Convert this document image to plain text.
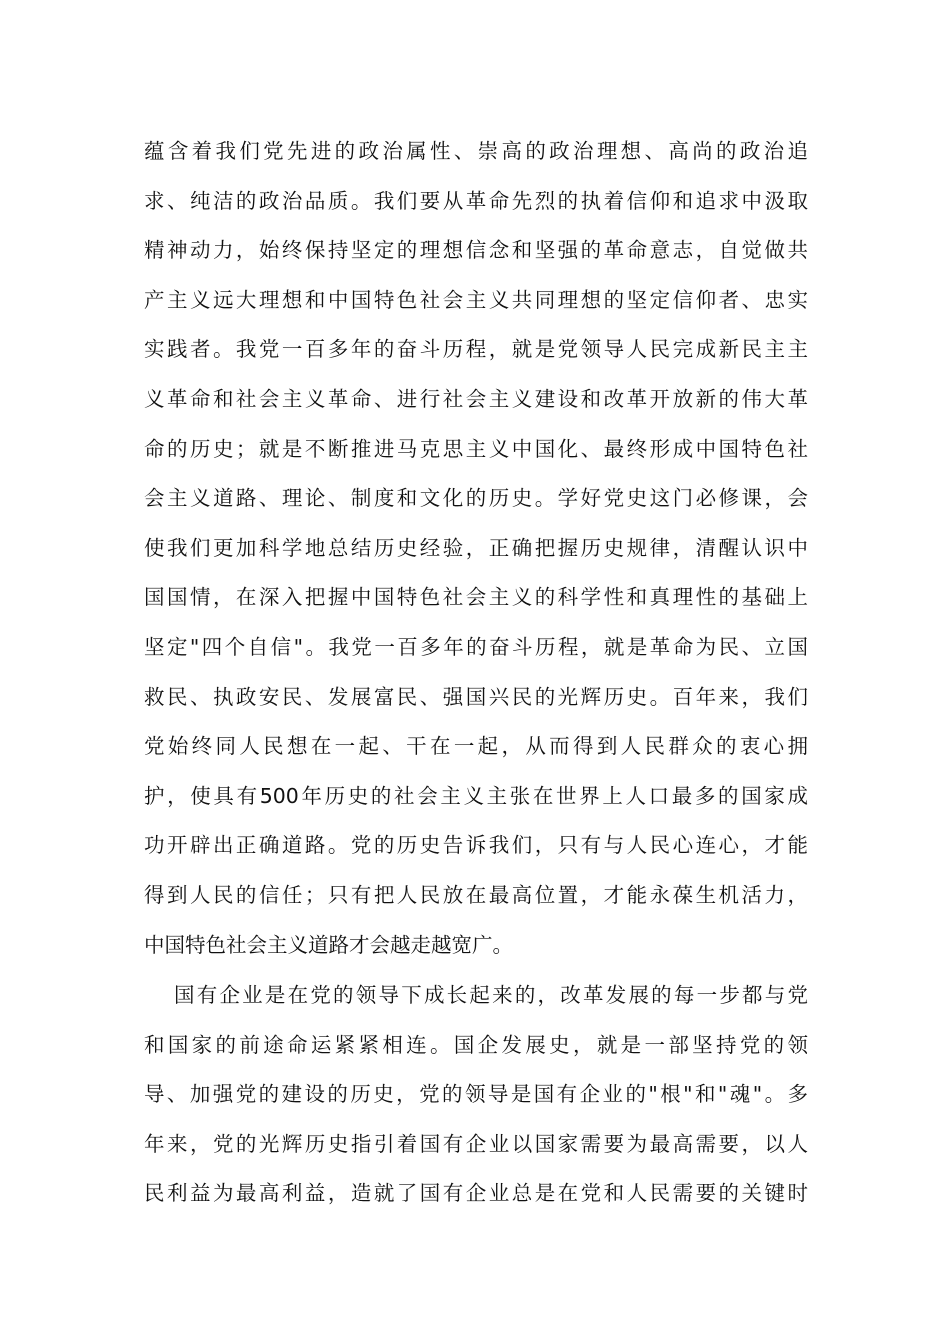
蕴含着我们党先进的政治属性、崇高的政治理想、高尚的政治追
求、纯洁的政治品质。我们要从革命先烈的执着信仰和追求中汲取
精神动力，始终保持坚定的理想信念和坚强的革命意志，自觉做共
产主义远大理想和中国特色社会主义共同理想的坚定信仰者、忠实
实践者。我党一百多年的奋斗历程，就是党领导人民完成新民主主
义革命和社会主义革命、进行社会主义建设和改革开放新的伟大革
命的历史；就是不断推进马克思主义中国化、最终形成中国特色社
会主义道路、理论、制度和文化的历史。学好党史这门必修课，会
使我们更加科学地总结历史经验，正确把握历史规律，清醒认识中
国国情，在深入把握中国特色社会主义的科学性和真理性的基础上
坚定"四个自信"。我党一百多年的奋斗历程，就是革命为民、立国
救民、执政安民、发展富民、强国兴民的光辉历史。百年来，我们
党始终同人民想在一起、干在一起，从而得到人民群众的衷心拥
护，使具有500年历史的社会主义主张在世界上人口最多的国家成
功开辟出正确道路。党的历史告诉我们，只有与人民心连心，才能
得到人民的信任；只有把人民放在最高位置，才能永葆生机活力，
中国特色社会主义道路才会越走越宽广。
国有企业是在党的领导下成长起来的，改革发展的每一步都与党
和国家的前途命运紧紧相连。国企发展史，就是一部坚持党的领
导、加强党的建设的历史，党的领导是国有企业的"根"和"魂"。多
年来，党的光辉历史指引着国有企业以国家需要为最高需要，以人
民利益为最高利益，造就了国有企业总是在党和人民需要的关键时
